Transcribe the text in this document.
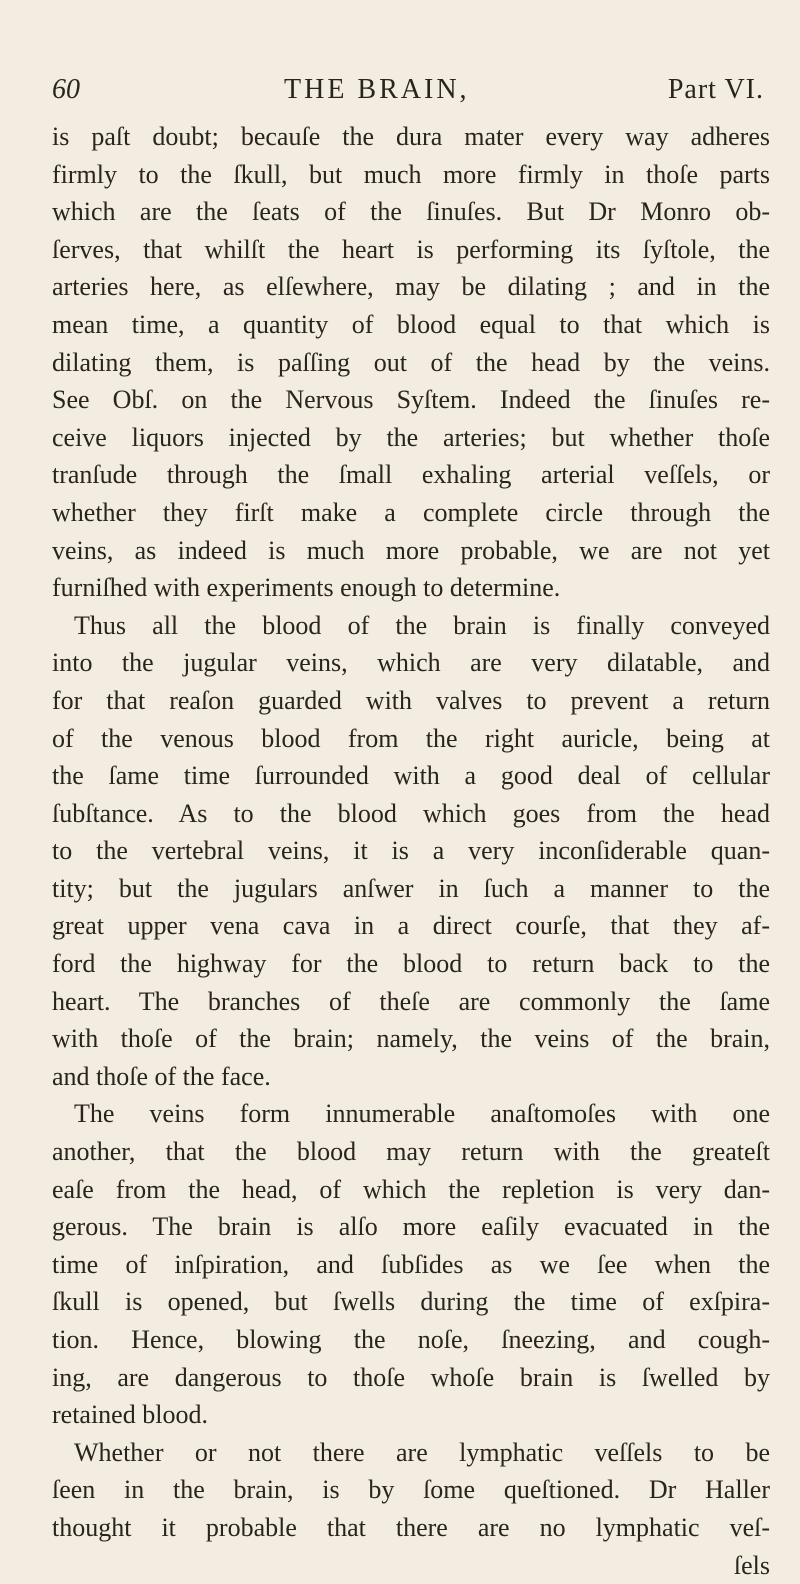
60	THE BRAIN,	Part VI.
is paſt doubt; becauſe the dura mater every way adheres
firmly to the ſkull, but much more firmly in thoſe parts
which are the ſeats of the ſinuſes. But Dr Monro ob-
ſerves, that whilſt the heart is performing its ſyſtole, the
arteries here, as elſewhere, may be dilating ; and in the
mean time, a quantity of blood equal to that which is
dilating them, is paſſing out of the head by the veins.
See Obſ. on the Nervous Syſtem. Indeed the ſinuſes re-
ceive liquors injected by the arteries; but whether thoſe
tranſude through the ſmall exhaling arterial veſſels, or
whether they firſt make a complete circle through the
veins, as indeed is much more probable, we are not yet
furniſhed with experiments enough to determine.
Thus all the blood of the brain is finally conveyed
into the jugular veins, which are very dilatable, and
for that reaſon guarded with valves to prevent a return
of the venous blood from the right auricle, being at
the ſame time ſurrounded with a good deal of cellular
ſubſtance. As to the blood which goes from the head
to the vertebral veins, it is a very inconſiderable quan-
tity; but the jugulars anſwer in ſuch a manner to the
great upper vena cava in a direct courſe, that they af-
ford the highway for the blood to return back to the
heart. The branches of theſe are commonly the ſame
with thoſe of the brain; namely, the veins of the brain,
and thoſe of the face.
The veins form innumerable anaſtomoſes with one
another, that the blood may return with the greateſt
eaſe from the head, of which the repletion is very dan-
gerous. The brain is alſo more eaſily evacuated in the
time of inſpiration, and ſubſides as we ſee when the
ſkull is opened, but ſwells during the time of exſpira-
tion. Hence, blowing the noſe, ſneezing, and cough-
ing, are dangerous to thoſe whoſe brain is ſwelled by
retained blood.
Whether or not there are lymphatic veſſels to be
ſeen in the brain, is by ſome queſtioned. Dr Haller
thought it probable that there are no lymphatic veſ-
ſels
